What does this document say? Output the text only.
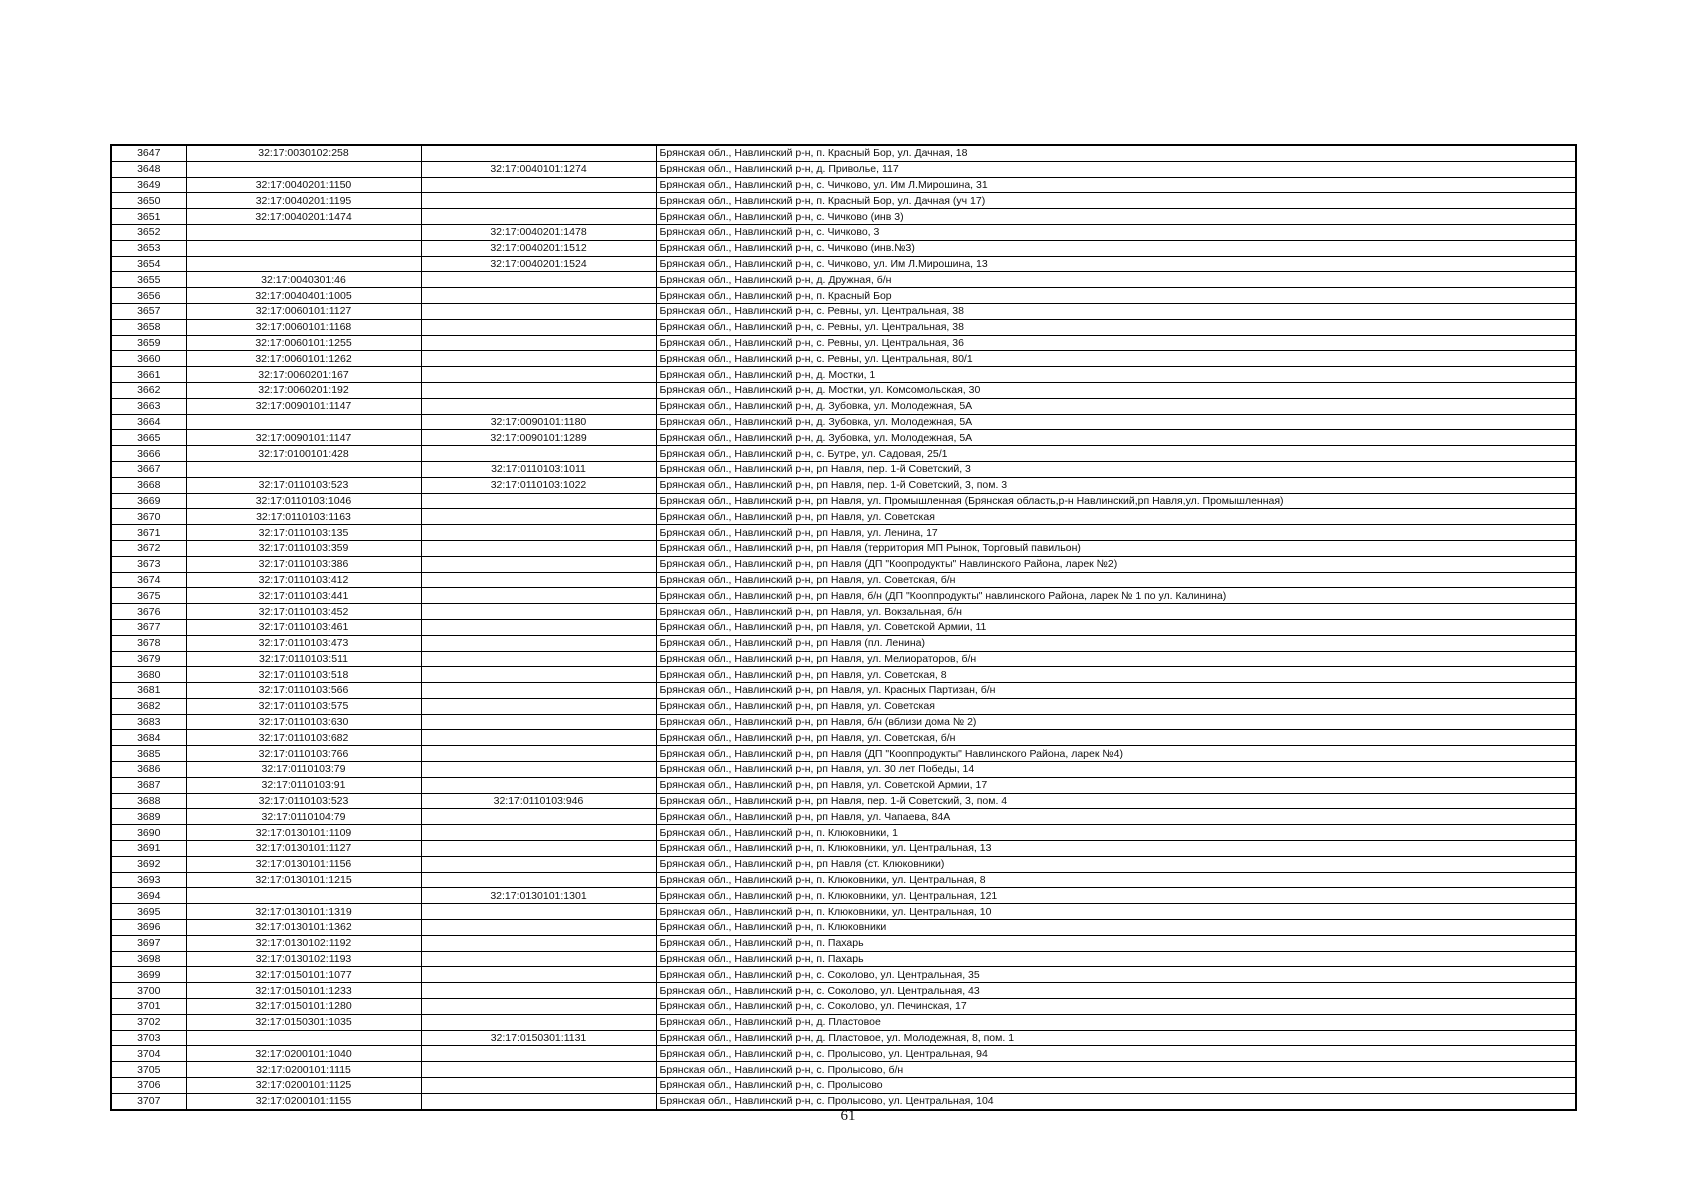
3647	32:17:0030102:258		Брянская обл., Навлинский р-н, п. Красный Бор, ул. Дачная, 18
3648		32:17:0040101:1274	Брянская обл., Навлинский р-н, д. Приволье, 117
3649	32:17:0040201:1150		Брянская обл., Навлинский р-н, с. Чичково, ул. Им Л.Мирошина, 31
3650	32:17:0040201:1195		Брянская обл., Навлинский р-н, п. Красный Бор, ул. Дачная (уч 17)
3651	32:17:0040201:1474		Брянская обл., Навлинский р-н, с. Чичково (инв 3)
3652		32:17:0040201:1478	Брянская обл., Навлинский р-н, с. Чичково, 3
3653		32:17:0040201:1512	Брянская обл., Навлинский р-н, с. Чичково (инв.№3)
3654		32:17:0040201:1524	Брянская обл., Навлинский р-н, с. Чичково, ул. Им Л.Мирошина, 13
3655	32:17:0040301:46		Брянская обл., Навлинский р-н, д. Дружная, б/н
3656	32:17:0040401:1005		Брянская обл., Навлинский р-н, п. Красный Бор
3657	32:17:0060101:1127		Брянская обл., Навлинский р-н, с. Ревны, ул. Центральная, 38
3658	32:17:0060101:1168		Брянская обл., Навлинский р-н, с. Ревны, ул. Центральная, 38
3659	32:17:0060101:1255		Брянская обл., Навлинский р-н, с. Ревны, ул. Центральная, 36
3660	32:17:0060101:1262		Брянская обл., Навлинский р-н, с. Ревны, ул. Центральная, 80/1
3661	32:17:0060201:167		Брянская обл., Навлинский р-н, д. Мостки, 1
3662	32:17:0060201:192		Брянская обл., Навлинский р-н, д. Мостки, ул. Комсомольская, 30
3663	32:17:0090101:1147		Брянская обл., Навлинский р-н, д. Зубовка, ул. Молодежная, 5А
3664		32:17:0090101:1180	Брянская обл., Навлинский р-н, д. Зубовка, ул. Молодежная, 5А
3665	32:17:0090101:1147	32:17:0090101:1289	Брянская обл., Навлинский р-н, д. Зубовка, ул. Молодежная, 5А
3666	32:17:0100101:428		Брянская обл., Навлинский р-н, с. Бутре, ул. Садовая, 25/1
3667		32:17:0110103:1011	Брянская обл., Навлинский р-н, рп Навля, пер. 1-й Советский, 3
3668	32:17:0110103:523	32:17:0110103:1022	Брянская обл., Навлинский р-н, рп Навля, пер. 1-й Советский, 3, пом. 3
3669	32:17:0110103:1046		Брянская обл., Навлинский р-н, рп Навля, ул. Промышленная (Брянская область,р-н Навлинский,рп Навля,ул. Промышленная)
3670	32:17:0110103:1163		Брянская обл., Навлинский р-н, рп Навля, ул. Советская
3671	32:17:0110103:135		Брянская обл., Навлинский р-н, рп Навля, ул. Ленина, 17
3672	32:17:0110103:359		Брянская обл., Навлинский р-н, рп Навля (территория МП Рынок, Торговый павильон)
3673	32:17:0110103:386		Брянская обл., Навлинский р-н, рп Навля (ДП "Кoопродукты" Навлинского Района, ларек №2)
3674	32:17:0110103:412		Брянская обл., Навлинский р-н, рп Навля, ул. Советская, б/н
3675	32:17:0110103:441		Брянская обл., Навлинский р-н, рп Навля, б/н (ДП "Кооппродукты" навлинского Района, ларек № 1 по ул. Калинина)
3676	32:17:0110103:452		Брянская обл., Навлинский р-н, рп Навля, ул. Вокзальная, б/н
3677	32:17:0110103:461		Брянская обл., Навлинский р-н, рп Навля, ул. Советской Армии, 11
3678	32:17:0110103:473		Брянская обл., Навлинский р-н, рп Навля (пл. Ленина)
3679	32:17:0110103:511		Брянская обл., Навлинский р-н, рп Навля, ул. Мелиораторов, б/н
3680	32:17:0110103:518		Брянская обл., Навлинский р-н, рп Навля, ул. Советская, 8
3681	32:17:0110103:566		Брянская обл., Навлинский р-н, рп Навля, ул. Красных Партизан, б/н
3682	32:17:0110103:575		Брянская обл., Навлинский р-н, рп Навля, ул. Советская
3683	32:17:0110103:630		Брянская обл., Навлинский р-н, рп Навля, б/н (вблизи дома № 2)
3684	32:17:0110103:682		Брянская обл., Навлинский р-н, рп Навля, ул. Советская, б/н
3685	32:17:0110103:766		Брянская обл., Навлинский р-н, рп Навля (ДП "Кооппродукты" Навлинского Района, ларек №4)
3686	32:17:0110103:79		Брянская обл., Навлинский р-н, рп Навля, ул. 30 лет Победы, 14
3687	32:17:0110103:91		Брянская обл., Навлинский р-н, рп Навля, ул. Советской Армии, 17
3688	32:17:0110103:523	32:17:0110103:946	Брянская обл., Навлинский р-н, рп Навля, пер. 1-й Советский, 3, пом. 4
3689	32:17:0110104:79		Брянская обл., Навлинский р-н, рп Навля, ул. Чапаева, 84А
3690	32:17:0130101:1109		Брянская обл., Навлинский р-н, п. Клюковники, 1
3691	32:17:0130101:1127		Брянская обл., Навлинский р-н, п. Клюковники, ул. Центральная, 13
3692	32:17:0130101:1156		Брянская обл., Навлинский р-н, рп Навля (ст. Клюковники)
3693	32:17:0130101:1215		Брянская обл., Навлинский р-н, п. Клюковники, ул. Центральная, 8
3694		32:17:0130101:1301	Брянская обл., Навлинский р-н, п. Клюковники, ул. Центральная, 121
3695	32:17:0130101:1319		Брянская обл., Навлинский р-н, п. Клюковники, ул. Центральная, 10
3696	32:17:0130101:1362		Брянская обл., Навлинский р-н, п. Клюковники
3697	32:17:0130102:1192		Брянская обл., Навлинский р-н, п. Пахарь
3698	32:17:0130102:1193		Брянская обл., Навлинский р-н, п. Пахарь
3699	32:17:0150101:1077		Брянская обл., Навлинский р-н, с. Соколово, ул. Центральная, 35
3700	32:17:0150101:1233		Брянская обл., Навлинский р-н, с. Соколово, ул. Центральная, 43
3701	32:17:0150101:1280		Брянская обл., Навлинский р-н, с. Соколово, ул. Печинская, 17
3702	32:17:0150301:1035		Брянская обл., Навлинский р-н, д. Пластовое
3703		32:17:0150301:1131	Брянская обл., Навлинский р-н, д. Пластовое, ул. Молодежная, 8, пом. 1
3704	32:17:0200101:1040		Брянская обл., Навлинский р-н, с. Пролысово, ул. Центральная, 94
3705	32:17:0200101:1115		Брянская обл., Навлинский р-н, с. Пролысово, б/н
3706	32:17:0200101:1125		Брянская обл., Навлинский р-н, с. Пролысово
3707	32:17:0200101:1155		Брянская обл., Навлинский р-н, с. Пролысово, ул. Центральная, 104
61
